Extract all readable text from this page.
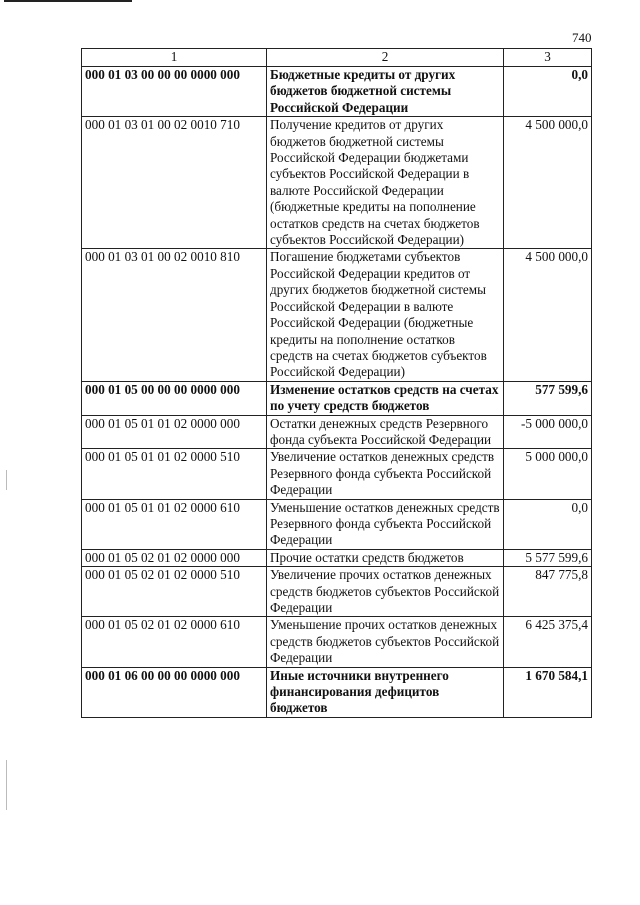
740
1	2	3
000 01 03 00 00 00 0000 000	Бюджетные кредиты от других бюджетов бюджетной системы Российской Федерации	0,0
000 01 03 01 00 02 0010 710	Получение кредитов от других бюджетов бюджетной системы Российской Федерации бюджетами субъектов Российской Федерации в валюте Российской Федерации (бюджетные кредиты на пополнение остатков средств на счетах бюджетов субъектов Российской Федерации)	4 500 000,0
000 01 03 01 00 02 0010 810	Погашение бюджетами субъектов Российской Федерации кредитов от других бюджетов бюджетной системы Российской Федерации в валюте Российской Федерации (бюджетные кредиты на пополнение остатков средств на счетах бюджетов субъектов Российской Федерации)	4 500 000,0
000 01 05 00 00 00 0000 000	Изменение остатков средств на счетах по учету средств бюджетов	577 599,6
000 01 05 01 01 02 0000 000	Остатки денежных средств Резервного фонда субъекта Российской Федерации	-5 000 000,0
000 01 05 01 01 02 0000 510	Увеличение остатков денежных средств Резервного фонда субъекта Российской Федерации	5 000 000,0
000 01 05 01 01 02 0000 610	Уменьшение остатков денежных средств Резервного фонда субъекта Российской Федерации	0,0
000 01 05 02 01 02 0000 000	Прочие остатки средств бюджетов	5 577 599,6
000 01 05 02 01 02 0000 510	Увеличение прочих остатков денежных средств бюджетов субъектов Российской Федерации	847 775,8
000 01 05 02 01 02 0000 610	Уменьшение прочих остатков денежных средств бюджетов субъектов Российской Федерации	6 425 375,4
000 01 06 00 00 00 0000 000	Иные источники внутреннего финансирования дефицитов бюджетов	1 670 584,1
